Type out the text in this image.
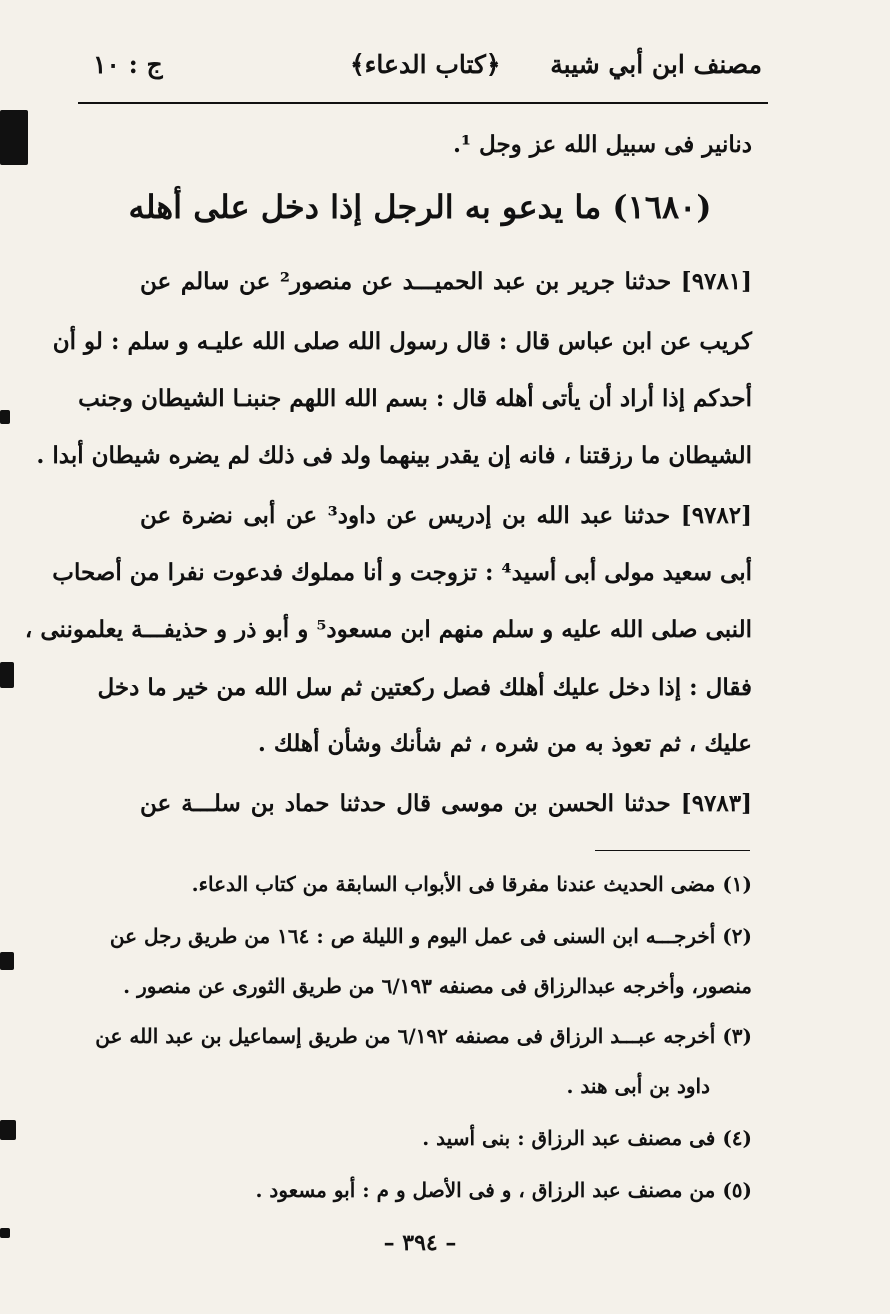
مصنف ابن أبي شيبة
﴿كتاب الدعاء﴾
ج : ١٠
دنانير فى سبيل الله عز وجل ¹.
(١٦٨٠) ما يدعو به الرجل إذا دخل على أهله
[٩٧٨١] حدثنا جرير بن عبد الحميـــد عن منصور² عن سالم عن
كريب عن ابن عباس قال : قال رسول الله صلى الله عليـه و سلم : لو أن
أحدكم إذا أراد أن يأتى أهله قال : بسم الله اللهم جنبنـا الشيطان وجنب
الشيطان ما رزقتنا ، فانه إن يقدر بينهما ولد فى ذلك لم يضره شيطان أبدا .
[٩٧٨٢] حدثنا عبد الله بن إدريس عن داود³ عن أبى نضرة عن
أبى سعيد مولى أبى أسيد⁴ : تزوجت و أنا مملوك فدعوت نفرا من أصحاب
النبى صلى الله عليه و سلم منهم ابن مسعود⁵ و أبو ذر و حذيفـــة يعلموننى ،
فقال : إذا دخل عليك أهلك فصل ركعتين ثم سل الله من خير ما دخل
عليك ، ثم تعوذ به من شره ، ثم شأنك وشأن أهلك .
[٩٧٨٣] حدثنا الحسن بن موسى قال حدثنا حماد بن سلـــة عن
(١) مضى الحديث عندنا مفرقا فى الأبواب السابقة من كتاب الدعاء.
(٢) أخرجـــه ابن السنى فى عمل اليوم و الليلة ص : ١٦٤ من طريق رجل عن
منصور، وأخرجه عبدالرزاق فى مصنفه ٦/١٩٣ من طريق الثورى عن منصور .
(٣) أخرجه عبـــد الرزاق فى مصنفه ٦/١٩٢ من طريق إسماعيل بن عبد الله عن
داود بن أبى هند .
(٤) فى مصنف عبد الرزاق : بنى أسيد .
(٥) من مصنف عبد الرزاق ، و فى الأصل و م : أبو مسعود .
– ٣٩٤ –
